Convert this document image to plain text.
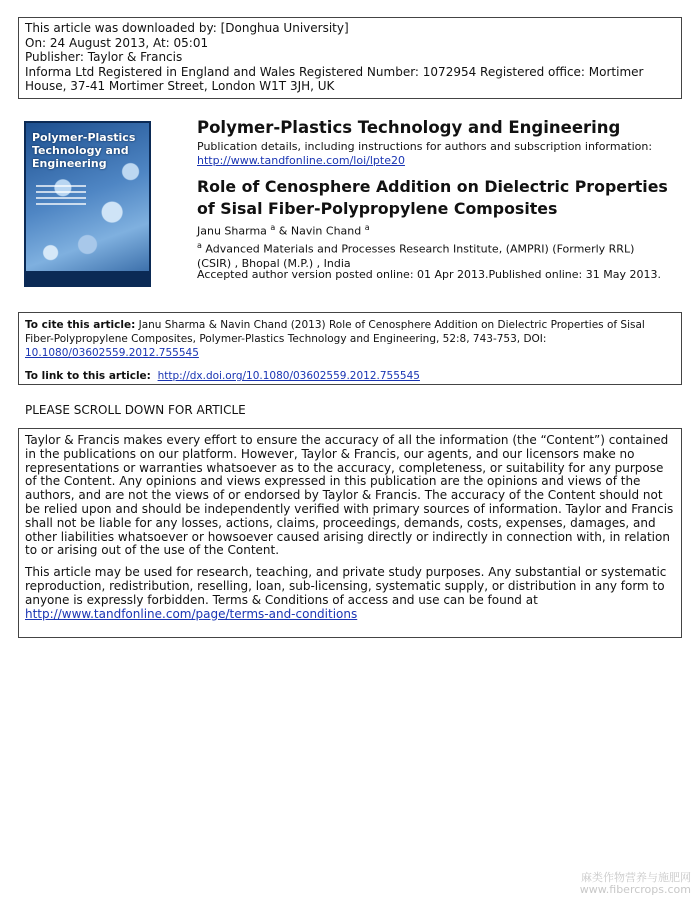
This article was downloaded by: [Donghua University]
On: 24 August 2013, At: 05:01
Publisher: Taylor & Francis
Informa Ltd Registered in England and Wales Registered Number: 1072954 Registered office: Mortimer House, 37-41 Mortimer Street, London W1T 3JH, UK
Polymer-Plastics Technology and Engineering
Polymer-Plastics Technology and Engineering
Publication details, including instructions for authors and subscription information:
http://www.tandfonline.com/loi/lpte20
Role of Cenosphere Addition on Dielectric Properties of Sisal Fiber-Polypropylene Composites
Janu Sharma $^a$ & Navin Chand $^a$
$^a$ Advanced Materials and Processes Research Institute, (AMPRI) (Formerly RRL) (CSIR) , Bhopal (M.P.) , India
Accepted author version posted online: 01 Apr 2013.Published online: 31 May 2013.
To cite this article: Janu Sharma & Navin Chand (2013) Role of Cenosphere Addition on Dielectric Properties of Sisal Fiber-Polypropylene Composites, Polymer-Plastics Technology and Engineering, 52:8, 743-753, DOI: 10.1080/03602559.2012.755545
To link to this article: http://dx.doi.org/10.1080/03602559.2012.755545
PLEASE SCROLL DOWN FOR ARTICLE

Taylor & Francis makes every effort to ensure the accuracy of all the information (the “Content”) contained in the publications on our platform. However, Taylor & Francis, our agents, and our licensors make no representations or warranties whatsoever as to the accuracy, completeness, or suitability for any purpose of the Content. Any opinions and views expressed in this publication are the opinions and views of the authors, and are not the views of or endorsed by Taylor & Francis. The accuracy of the Content should not be relied upon and should be independently verified with primary sources of information. Taylor and Francis shall not be liable for any losses, actions, claims, proceedings, demands, costs, expenses, damages, and other liabilities whatsoever or howsoever caused arising directly or indirectly in connection with, in relation to or arising out of the use of the Content.

This article may be used for research, teaching, and private study purposes. Any substantial or systematic reproduction, redistribution, reselling, loan, sub-licensing, systematic supply, or distribution in any form to anyone is expressly forbidden. Terms & Conditions of access and use can be found at http://www.tandfonline.com/page/terms-and-conditions

麻类作物营养与施肥网
www.fibercrops.com
